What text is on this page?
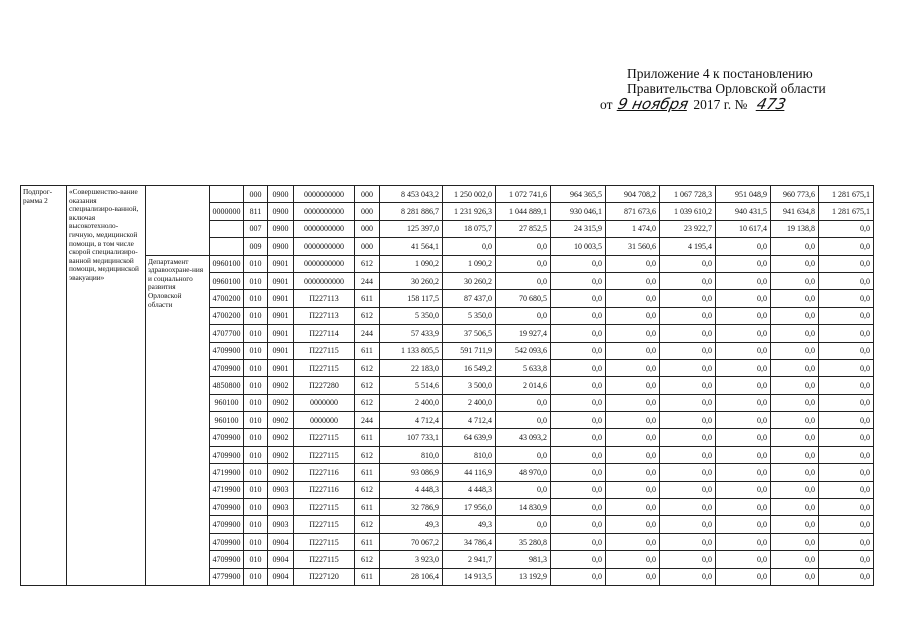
Приложение 4 к постановлению
Правительства Орловской области
от 9 ноября 2017 г. № 473
Подпрог-рамма 2	«Совершенство-вание оказания специализиро-ванной, включая высокотехноло-гичную, медицинской помощи, в том числе скорой специализиро-ванной медицинской помощи, медицинской эвакуации»			000	0900	0000000000	000	8 453 043,2	1 250 002,0	1 072 741,6	964 365,5	904 708,2	1 067 728,3	951 048,9	960 773,6	1 281 675,1
			0000000	811	0900	0000000000	000	8 281 886,7	1 231 926,3	1 044 889,1	930 046,1	871 673,6	1 039 610,2	940 431,5	941 634,8	1 281 675,1
				007	0900	0000000000	000	125 397,0	18 075,7	27 852,5	24 315,9	1 474,0	23 922,7	10 617,4	19 138,8	0,0
				009	0900	0000000000	000	41 564,1	0,0	0,0	10 003,5	31 560,6	4 195,4	0,0	0,0	0,0
		Департамент здравоохране-ния и социального развития Орловской области	0960100	010	0901	0000000000	612	1 090,2	1 090,2	0,0	0,0	0,0	0,0	0,0	0,0	0,0
			0960100	010	0901	0000000000	244	30 260,2	30 260,2	0,0	0,0	0,0	0,0	0,0	0,0	0,0
			4700200	010	0901	П227113	611	158 117,5	87 437,0	70 680,5	0,0	0,0	0,0	0,0	0,0	0,0
			4700200	010	0901	П227113	612	5 350,0	5 350,0	0,0	0,0	0,0	0,0	0,0	0,0	0,0
			4707700	010	0901	П227114	244	57 433,9	37 506,5	19 927,4	0,0	0,0	0,0	0,0	0,0	0,0
			4709900	010	0901	П227115	611	1 133 805,5	591 711,9	542 093,6	0,0	0,0	0,0	0,0	0,0	0,0
			4709900	010	0901	П227115	612	22 183,0	16 549,2	5 633,8	0,0	0,0	0,0	0,0	0,0	0,0
			4850800	010	0902	П227280	612	5 514,6	3 500,0	2 014,6	0,0	0,0	0,0	0,0	0,0	0,0
			960100	010	0902	0000000	612	2 400,0	2 400,0	0,0	0,0	0,0	0,0	0,0	0,0	0,0
			960100	010	0902	0000000	244	4 712,4	4 712,4	0,0	0,0	0,0	0,0	0,0	0,0	0,0
			4709900	010	0902	П227115	611	107 733,1	64 639,9	43 093,2	0,0	0,0	0,0	0,0	0,0	0,0
			4709900	010	0902	П227115	612	810,0	810,0	0,0	0,0	0,0	0,0	0,0	0,0	0,0
			4719900	010	0902	П227116	611	93 086,9	44 116,9	48 970,0	0,0	0,0	0,0	0,0	0,0	0,0
			4719900	010	0903	П227116	612	4 448,3	4 448,3	0,0	0,0	0,0	0,0	0,0	0,0	0,0
			4709900	010	0903	П227115	611	32 786,9	17 956,0	14 830,9	0,0	0,0	0,0	0,0	0,0	0,0
			4709900	010	0903	П227115	612	49,3	49,3	0,0	0,0	0,0	0,0	0,0	0,0	0,0
			4709900	010	0904	П227115	611	70 067,2	34 786,4	35 280,8	0,0	0,0	0,0	0,0	0,0	0,0
			4709900	010	0904	П227115	612	3 923,0	2 941,7	981,3	0,0	0,0	0,0	0,0	0,0	0,0
			4779900	010	0904	П227120	611	28 106,4	14 913,5	13 192,9	0,0	0,0	0,0	0,0	0,0	0,0
